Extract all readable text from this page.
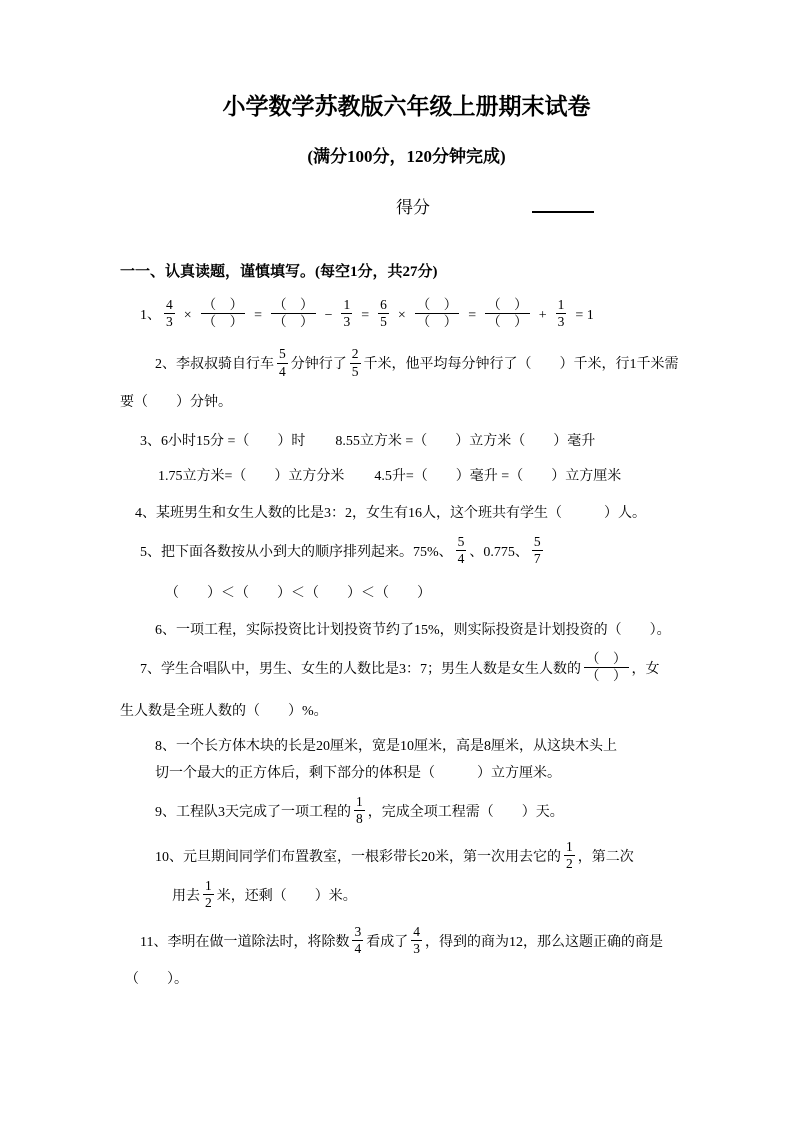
小学数学苏教版六年级上册期末试卷
(满分100分，120分钟完成)
得分
一一、认真读题，谨慎填写。(每空1分，共27分)
1、 $\frac{4}{3} \times \frac{( )}{( )} = \frac{( )}{( )} - \frac{1}{3} = \frac{6}{5} \times \frac{( )}{( )} = \frac{( )}{( )} + \frac{1}{3} = 1$
2、李叔叔骑自行车 $\frac{5}{4}$ 分钟行了 $\frac{2}{5}$ 千米，他平均每分钟行了（　　）千米，行1千米需
要（　　）分钟。
3、6小时15分 =（　　）时 8.55立方米 =（　　）立方米（　　）毫升
1.75立方米=（　　）立方分米 4.5升=（　　）毫升 =（　　）立方厘米
4、某班男生和女生人数的比是3：2，女生有16人，这个班共有学生（　　　）人。
5、把下面各数按从小到大的顺序排列起来。75%、 $\frac{5}{4}$ 、0.775、 $\frac{5}{7}$
（　　）＜（　　）＜（　　）＜（　　）
6、一项工程，实际投资比计划投资节约了15%，则实际投资是计划投资的（　　）。
7、学生合唱队中，男生、女生的人数比是3：7；男生人数是女生人数的 $\frac{( )}{( )}$ ，女
生人数是全班人数的（　　）%。
8、一个长方体木块的长是20厘米，宽是10厘米，高是8厘米，从这块木头上
切一个最大的正方体后，剩下部分的体积是（　　　）立方厘米。
9、工程队3天完成了一项工程的 $\frac{1}{8}$ ，完成全项工程需（　　）天。
10、元旦期间同学们布置教室，一根彩带长20米，第一次用去它的 $\frac{1}{2}$ ，第二次
用去 $\frac{1}{2}$ 米，还剩（　　）米。
11、李明在做一道除法时，将除数 $\frac{3}{4}$ 看成了 $\frac{4}{3}$ ，得到的商为12，那么这题正确的商是
（　　）。
